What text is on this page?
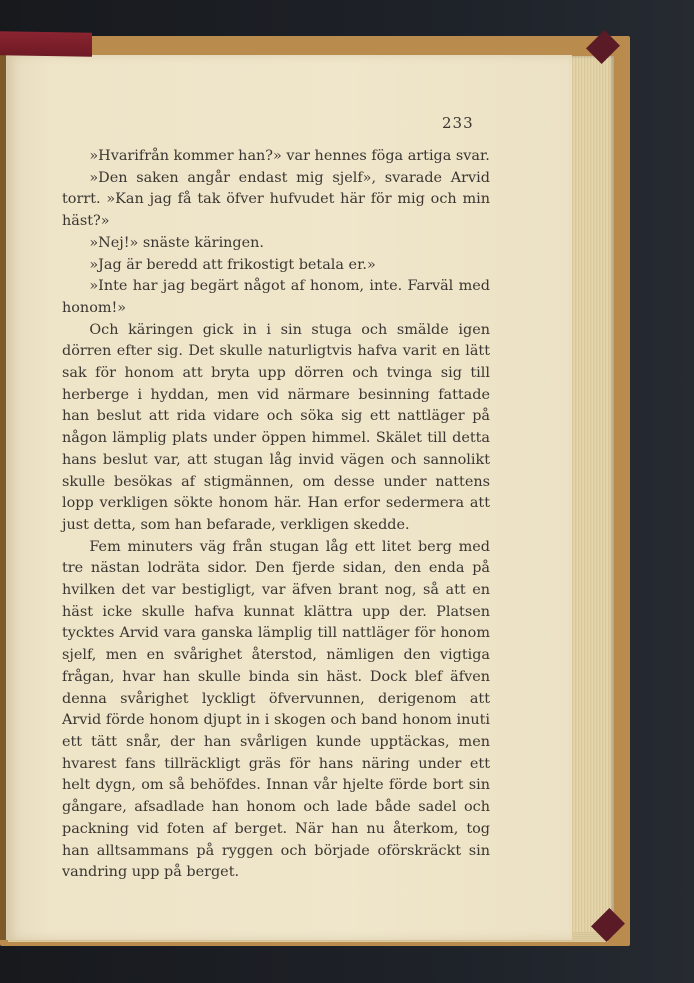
233

»Hvarifrån kommer han?» var hennes föga artiga svar.

»Den saken angår endast mig sjelf», svarade Arvid torrt. »Kan jag få tak öfver hufvudet här för mig och min häst?»

»Nej!» snäste käringen.

»Jag är beredd att frikostigt betala er.»

»Inte har jag begärt något af honom, inte. Farväl med honom!»

Och käringen gick in i sin stuga och smälde igen dörren efter sig. Det skulle naturligtvis hafva varit en lätt sak för honom att bryta upp dörren och tvinga sig till herberge i hyddan, men vid närmare besinning fattade han beslut att rida vidare och söka sig ett nattläger på någon lämplig plats under öppen himmel. Skälet till detta hans beslut var, att stugan låg invid vägen och sannolikt skulle besökas af stigmännen, om desse under nattens lopp verkligen sökte honom här. Han erfor sedermera att just detta, som han befarade, verkligen skedde.

Fem minuters väg från stugan låg ett litet berg med tre nästan lodräta sidor. Den fjerde sidan, den enda på hvilken det var bestigligt, var äfven brant nog, så att en häst icke skulle hafva kunnat klättra upp der. Platsen tycktes Arvid vara ganska lämplig till nattläger för honom sjelf, men en svårighet återstod, nämligen den vigtiga frågan, hvar han skulle binda sin häst. Dock blef äfven denna svårighet lyckligt öfvervunnen, derigenom att Arvid förde honom djupt in i skogen och band honom inuti ett tätt snår, der han svårligen kunde upptäckas, men hvarest fans tillräckligt gräs för hans näring under ett helt dygn, om så behöfdes. Innan vår hjelte förde bort sin gångare, afsadlade han honom och lade både sadel och packning vid foten af berget. När han nu återkom, tog han alltsammans på ryggen och började oförskräckt sin vandring upp på berget.
